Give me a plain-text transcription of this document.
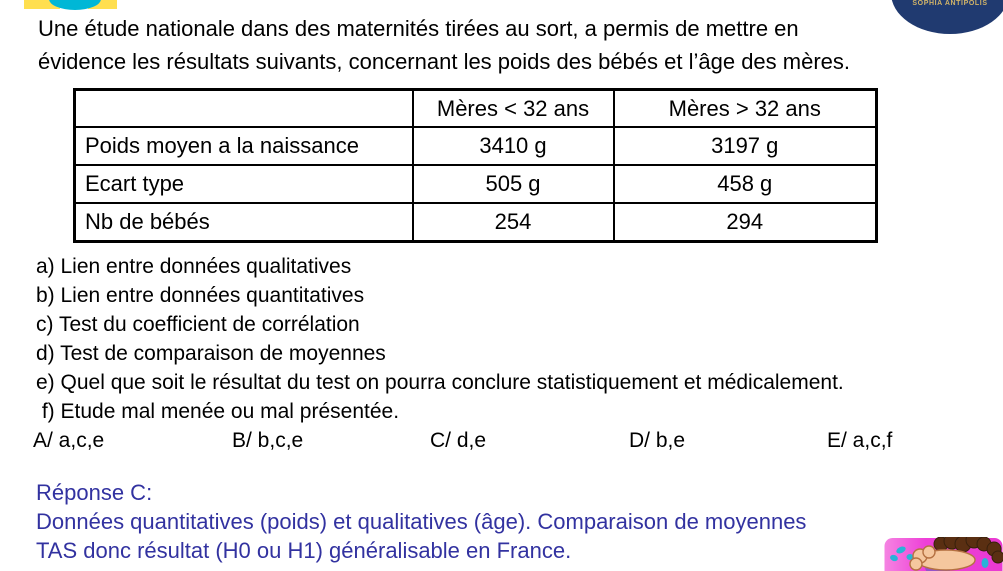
SOPHIA ANTIPOLIS
Une étude nationale dans des maternités tirées au sort, a permis de mettre en
évidence les résultats suivants, concernant les poids des bébés et l’âge des mères.
	Mères < 32 ans	Mères > 32 ans
Poids moyen a la naissance	3410 g	3197 g
Ecart type	505 g	458 g
Nb de bébés	254	294
a) Lien entre données qualitatives
b) Lien entre données quantitatives
c) Test du coefficient de corrélation
d) Test de comparaison de moyennes
e) Quel que soit le résultat du test on pourra conclure statistiquement et médicalement.
f) Etude mal menée ou mal présentée.
A/ a,c,e	B/ b,c,e	C/ d,e	D/ b,e	E/ a,c,f
Réponse C:
Données quantitatives (poids) et qualitatives (âge). Comparaison de moyennes
TAS donc résultat (H0 ou H1) généralisable en France.
